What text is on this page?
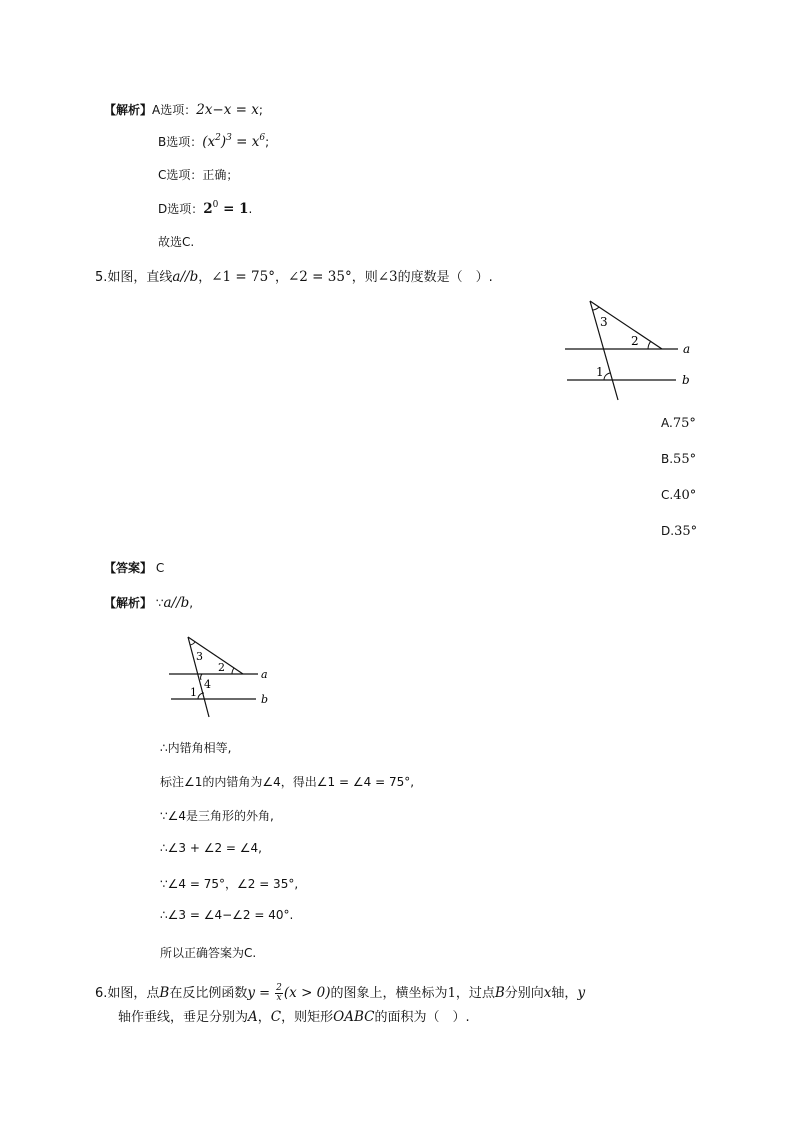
【解析】A选项：2x−x = x;
B选项：$(x^2)^3 = x^6$;
C选项：正确；
D选项：$2^0 = 1$.
故选C.
5.如图，直线a//b，∠1 = 75°，∠2 = 35°，则∠3的度数是（　）.
3
2
1
a
b
A.75°
B.55°
C.40°
D.35°
【答案】 C
【解析】 ∵a//b,
3
2
4
1
a
b
∴内错角相等,
标注∠1的内错角为∠4，得出∠1 = ∠4 = 75°,
∵∠4是三角形的外角,
∴∠3 + ∠2 = ∠4,
∵∠4 = 75°，∠2 = 35°,
∴∠3 = ∠4−∠2 = 40°.
所以正确答案为C.
6.如图，点B在反比例函数$y = \frac{2}{x} (x > 0)$的图象上，横坐标为1，过点B分别向x轴，y
轴作垂线，垂足分别为A，C，则矩形OABC的面积为（　）.
